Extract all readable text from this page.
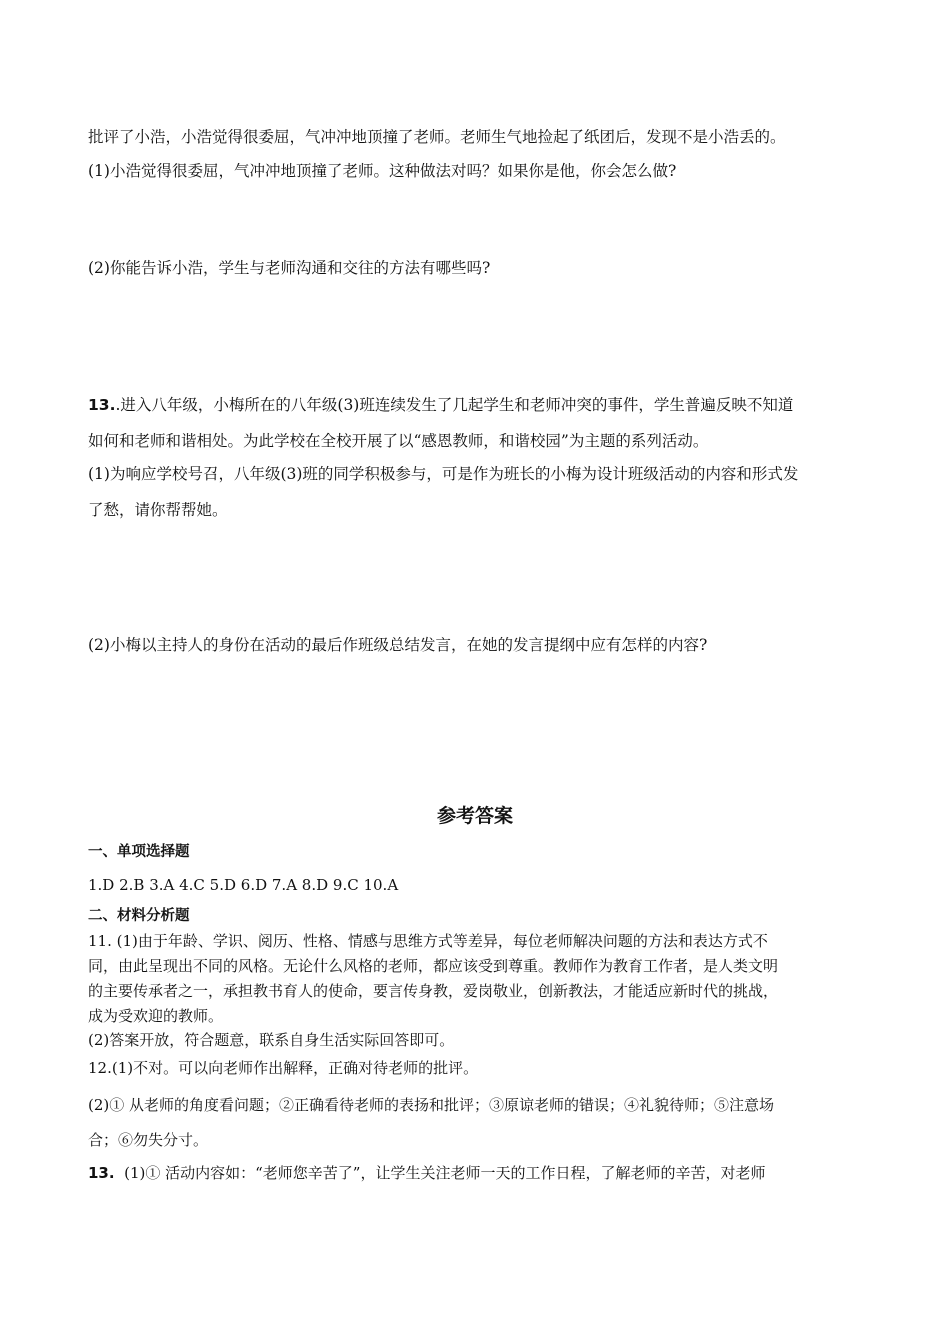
批评了小浩，小浩觉得很委屈，气冲冲地顶撞了老师。老师生气地捡起了纸团后，发现不是小浩丢的。
(1)小浩觉得很委屈，气冲冲地顶撞了老师。这种做法对吗？如果你是他，你会怎么做?
(2)你能告诉小浩，学生与老师沟通和交往的方法有哪些吗?
13..进入八年级，小梅所在的八年级(3)班连续发生了几起学生和老师冲突的事件，学生普遍反映不知道
如何和老师和谐相处。为此学校在全校开展了以“感恩教师，和谐校园”为主题的系列活动。
(1)为响应学校号召，八年级(3)班的同学积极参与，可是作为班长的小梅为设计班级活动的内容和形式发
了愁，请你帮帮她。
(2)小梅以主持人的身份在活动的最后作班级总结发言，在她的发言提纲中应有怎样的内容?
参考答案
一、单项选择题
1.D 2.B 3.A 4.C 5.D 6.D 7.A 8.D 9.C 10.A
二、材料分析题
11. (1)由于年龄、学识、阅历、性格、情感与思维方式等差异，每位老师解决问题的方法和表达方式不
同，由此呈现出不同的风格。无论什么风格的老师，都应该受到尊重。教师作为教育工作者，是人类文明
的主要传承者之一，承担教书育人的使命，要言传身教，爱岗敬业，创新教法，才能适应新时代的挑战，
成为受欢迎的教师。
(2)答案开放，符合题意，联系自身生活实际回答即可。
12.(1)不对。可以向老师作出解释，正确对待老师的批评。
(2)① 从老师的角度看问题；②正确看待老师的表扬和批评；③原谅老师的错误；④礼貌待师；⑤注意场
合；⑥勿失分寸。
13.  (1)① 活动内容如：“老师您辛苦了”，让学生关注老师一天的工作日程，了解老师的辛苦，对老师
